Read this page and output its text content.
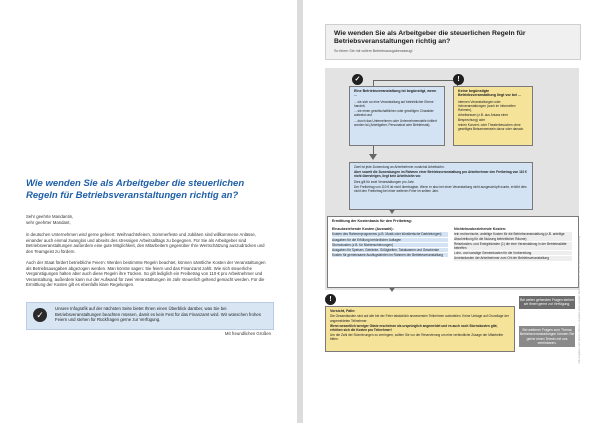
Wie wenden Sie als Arbeitgeber die steuerlichen Regeln für Betriebsveranstaltungen richtig an?
Sehr geehrte Mandantin,
sehr geehrter Mandant,
in deutschen Unternehmen wird gerne gefeiert: Weihnachtsfeiern, Sommerfeste und Jubiläen sind willkommene Anlässe, einander auch einmal zwanglos und abseits des stressigen Arbeitsalltags zu begegnen. Für Sie als Arbeitgeber sind Betriebsveranstaltungen außerdem eine gute Möglichkeit, den Mitarbeitern gegenüber Ihre Wertschätzung auszudrücken und den Teamgeist zu fördern.
Auch der Staat fördert betriebliche Feiern: Werden bestimmte Regeln beachtet, können sämtliche Kosten der Veranstaltungen als Betriebsausgaben abgezogen werden. Man könnte sagen: Sie feiern und das Finanzamt zahlt. Wie sich steuerliche Vergünstigungen halten aber auch diese Regeln ihre Tücken. So gilt lediglich ein Freibetrag von 110 € pro Arbeitnehmer und Veranstaltung, außerdem kann nur der Aufwand für zwei Veranstaltungen im Jahr steuerlich geltend gemacht werden. Für die Ermittlung der Kosten gilt es ebenfalls klare Regelungen.
✓
Unsere Infografik auf der nächsten Seite bietet Ihnen einen Überblick darüber, was Sie bei Betriebsveranstaltungen beachten müssen, damit es kein Fest für das Finanzamt wird. Wir wünschen frohes Feiern und stehen für Rückfragen gerne zur Verfügung.
Mit freundlichen Grüßen
Wie wenden Sie als Arbeitgeber die steuerlichen Regeln für Betriebsveranstaltungen richtig an?
So feiern Sie mit vollem Betriebsausgabenabzug!
✓
Eine Betriebsveranstaltung ist begünstigt, wenn ...
... sie sich an eine Veranstaltung auf betrieblicher Ebene handelt,
... sie einen gesellschaftlichen oder geselligen Charakter aufweist und
... durch das Unternehmen oder Unternehmensteile initiiert worden ist (Arbeitgeber, Personalrat oder Betriebsrat).
!
Keine begünstigte Betriebsveranstaltung liegt vor bei ...
internen Veranstaltungen oder Infoveranstaltungen (auch im informellen Rahmen),
Arbeitsessen (z.B. aus Anlass einer Besprechung) oder
reinen Konzert- oder Theaterbesuchen ohne geselliges Beisammensein davor oder danach.
Zwei ist jede Zuwendung an Arbeitnehmer zunächst Arbeitslohn.
Aber soweit die Zuwendungen im Rahmen einer Betriebsveranstaltung pro Arbeitnehmer den Freibetrag von 110 € nicht übersteigen, liegt kein Arbeitslohn vor.
Dies gilt für zwei Veranstaltungen pro Jahr.
Der Freibetrag von 110 € ist nicht übertragbar. Wenn er also bei einer Veranstaltung nicht ausgeschöpft wurde, erhöht dies nicht den Freibetrag bei einer weiteren Feier im selben Jahr.
Ermittlung der Kostenbasis für den Freibetrag:
Einzubeziehende Kosten (Auswahl):
Kosten des Rahmenprogramms (z.B. Musik oder künstlerische Darbietungen)
Ausgaben für die Erfüllung behördlicher Auflagen
Stornokosten (z.B. für Nichterscheinungen)
Ausgaben für Speisen, Getränke, Süßigkeiten, Tabakwaren und Geschenke
Kosten für gemeinsame Ausflugsfahrten im Rahmen der Betriebsveranstaltung
Nichteinzubeziehende Kosten:
rein rechnerische, anteilige Kosten für die Betriebsveranstaltung (z.B. anteilige Abschreibung für die Nutzung betrieblicher Räume)
Reisekosten- und Energiekosten (1) die eine Veranstaltung in der Betriebsstätte betreffen
Lohn- und sonstige Gemeinkosten für die Vorbereitung
Anreisekosten der Arbeitnehmer zum Ort der Betriebsveranstaltung
!
Vorsicht, Falle:
Die Gesamtkosten sind auf alle bei der Feier tatsächlich anwesenden Teilnehmer aufzuteilen. Keine Umlage auf Grundlage der angemeldeten Teilnehmer.
Wenn wesentlich weniger Gäste erscheinen als ursprünglich angemeldet und es auch noch Stornokosten gibt, erhöhen sich die Kosten pro Teilnehmer!
Um die Zahl der Stornierungen zu verringern, sollten Sie vor der Reservierung um eine verbindliche Zusage der Mitarbeiter bitten.
Bei weiter gehenden Fragen stehen wir Ihnen gerne zur Verfügung.
Bei weiteren Fragen zum Thema Betriebsveranstaltungen können Sie gerne einen Termin mit uns vereinbaren.	Alle Angaben nach bestem Wissen, Angaben ohne Gewähr. Illustration/Icons: Sie sich mithin Geschäftsführung
